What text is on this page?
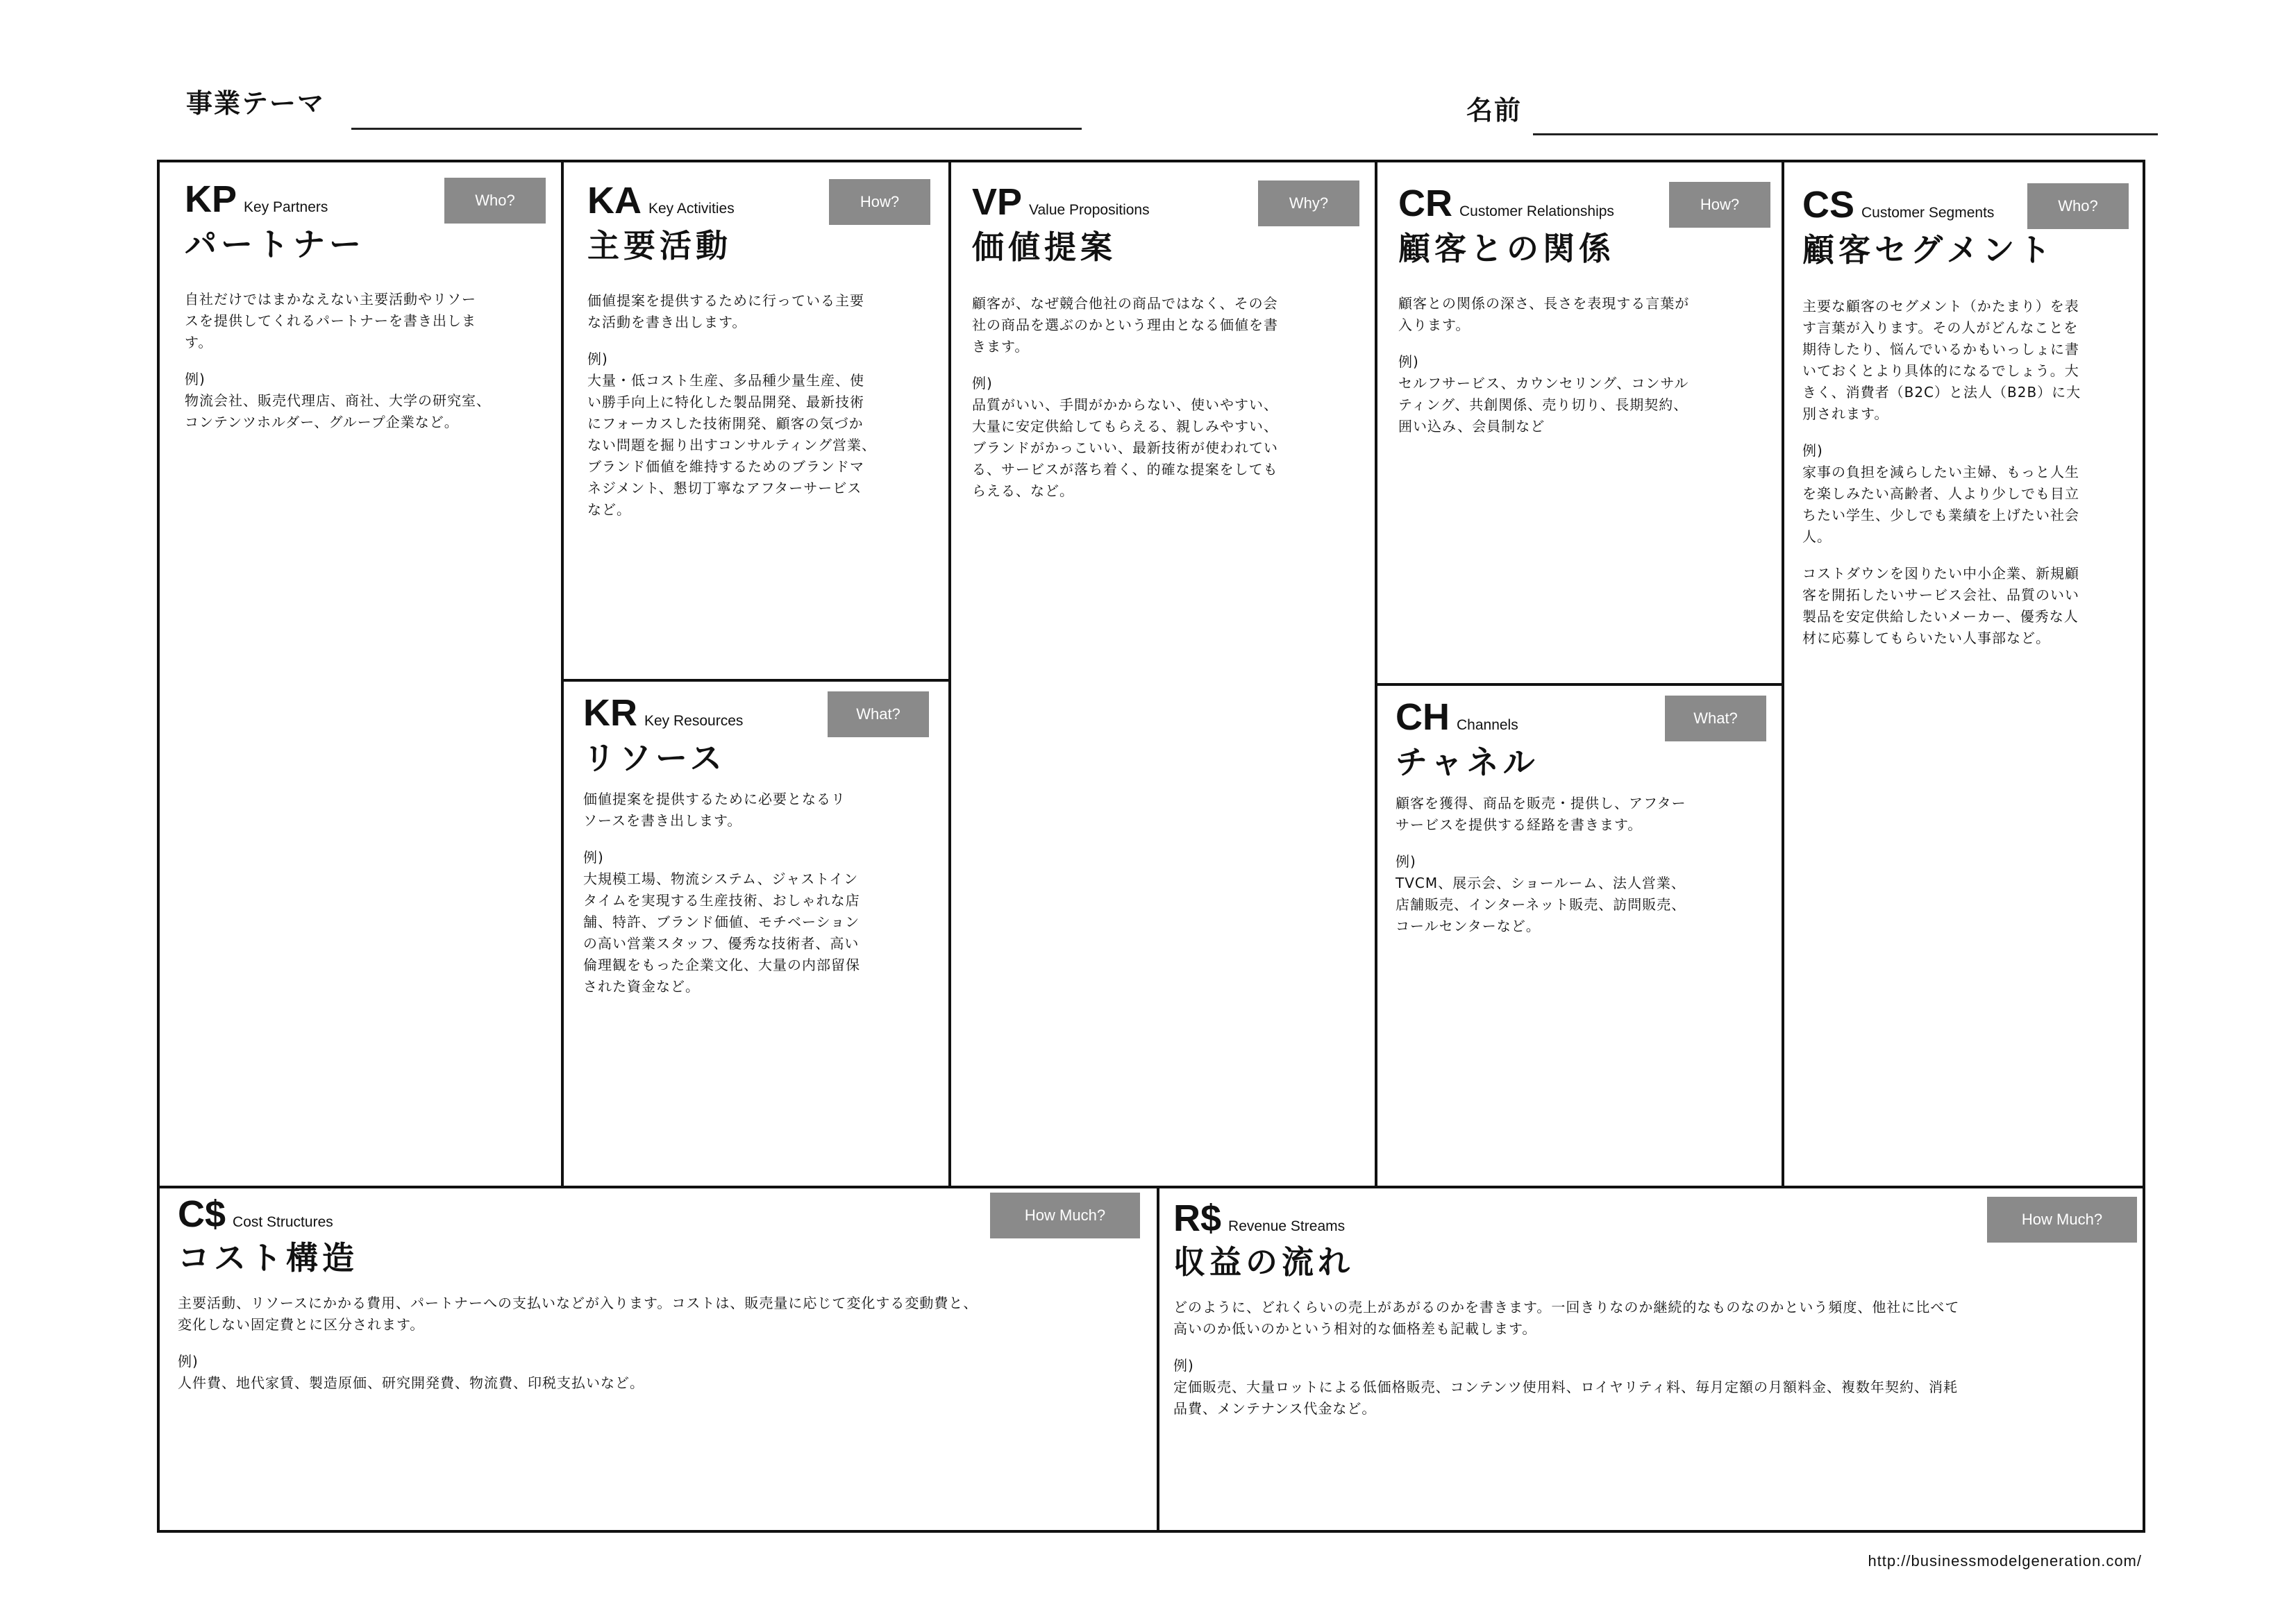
事業テーマ	名前
KP Key Partners
パートナー
Who?

自社だけではまかなえない主要活動やリソー

スを提供してくれるパートナーを書き出しま

す。

例)

物流会社、販売代理店、商社、大学の研究室、

コンテンツホルダー、グループ企業など。

KA Key Activities
主要活動
How?

価値提案を提供するために行っている主要

な活動を書き出します。

例)

大量・低コスト生産、多品種少量生産、使

い勝手向上に特化した製品開発、最新技術

にフォーカスした技術開発、顧客の気づか

ない問題を掘り出すコンサルティング営業、

ブランド価値を維持するためのブランドマ

ネジメント、懇切丁寧なアフターサービス

など。

KR Key Resources
リソース
What?

価値提案を提供するために必要となるリ

ソースを書き出します。

例)

大規模工場、物流システム、ジャストイン

タイムを実現する生産技術、おしゃれな店

舗、特許、ブランド価値、モチベーション

の高い営業スタッフ、優秀な技術者、高い

倫理観をもった企業文化、大量の内部留保

された資金など。

VP Value Propositions
価値提案
Why?

顧客が、なぜ競合他社の商品ではなく、その会

社の商品を選ぶのかという理由となる価値を書

きます。

例)

品質がいい、手間がかからない、使いやすい、

大量に安定供給してもらえる、親しみやすい、

ブランドがかっこいい、最新技術が使われてい

る、サービスが落ち着く、的確な提案をしても

らえる、など。

CR Customer Relationships
顧客との関係
How?

顧客との関係の深さ、長さを表現する言葉が

入ります。

例)

セルフサービス、カウンセリング、コンサル

ティング、共創関係、売り切り、長期契約、

囲い込み、会員制など

CH Channels
チャネル
What?

顧客を獲得、商品を販売・提供し、アフター

サービスを提供する経路を書きます。

例)

TVCM、展示会、ショールーム、法人営業、

店舗販売、インターネット販売、訪問販売、

コールセンターなど。

CS Customer Segments
顧客セグメント
Who?

主要な顧客のセグメント（かたまり）を表

す言葉が入ります。その人がどんなことを

期待したり、悩んでいるかもいっしょに書

いておくとより具体的になるでしょう。大

きく、消費者（B2C）と法人（B2B）に大

別されます。

例)

家事の負担を減らしたい主婦、もっと人生

を楽しみたい高齢者、人より少しでも目立

ちたい学生、少しでも業績を上げたい社会

人。

コストダウンを図りたい中小企業、新規顧

客を開拓したいサービス会社、品質のいい

製品を安定供給したいメーカー、優秀な人

材に応募してもらいたい人事部など。

C$ Cost Structures
コスト構造
How Much?

主要活動、リソースにかかる費用、パートナーへの支払いなどが入ります。コストは、販売量に応じて変化する変動費と、

変化しない固定費とに区分されます。

例)

人件費、地代家賃、製造原価、研究開発費、物流費、印税支払いなど。

R$ Revenue Streams
収益の流れ
How Much?

どのように、どれくらいの売上があがるのかを書きます。一回きりなのか継続的なものなのかという頻度、他社に比べて

高いのか低いのかという相対的な価格差も記載します。

例)

定価販売、大量ロットによる低価格販売、コンテンツ使用料、ロイヤリティ料、毎月定額の月額料金、複数年契約、消耗

品費、メンテナンス代金など。

http://businessmodelgeneration.com/
